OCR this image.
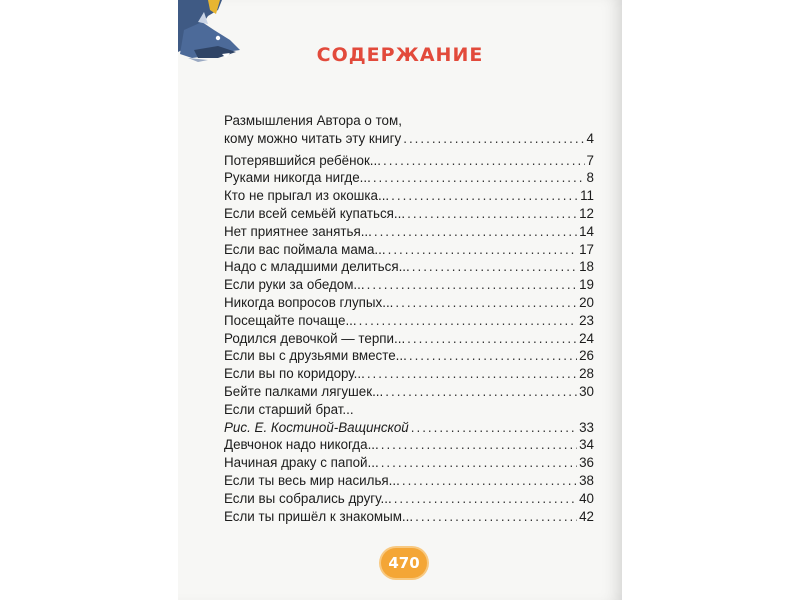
СОДЕРЖАНИЕ
Размышления Автора о том,
кому можно читать эту книгу .....	4
Потерявшийся ребёнок... .....	7
Руками никогда нигде... .....	8
Кто не прыгал из окошка... .....	11
Если всей семьёй купаться... .....	12
Нет приятнее занятья... .....	14
Если вас поймала мама... .....	17
Надо с младшими делиться... .....	18
Если руки за обедом... .....	19
Никогда вопросов глупых... .....	20
Посещайте почаще... .....	23
Родился девочкой — терпи... .....	24
Если вы с друзьями вместе... .....	26
Если вы по коридору... .....	28
Бейте палками лягушек... .....	30
Если старший брат...
Рис. Е. Костиной-Ващинской .....	33
Девчонок надо никогда... .....	34
Начиная драку с папой... .....	36
Если ты весь мир насилья... .....	38
Если вы собрались другу... .....	40
Если ты пришёл к знакомым... .....	42
470
